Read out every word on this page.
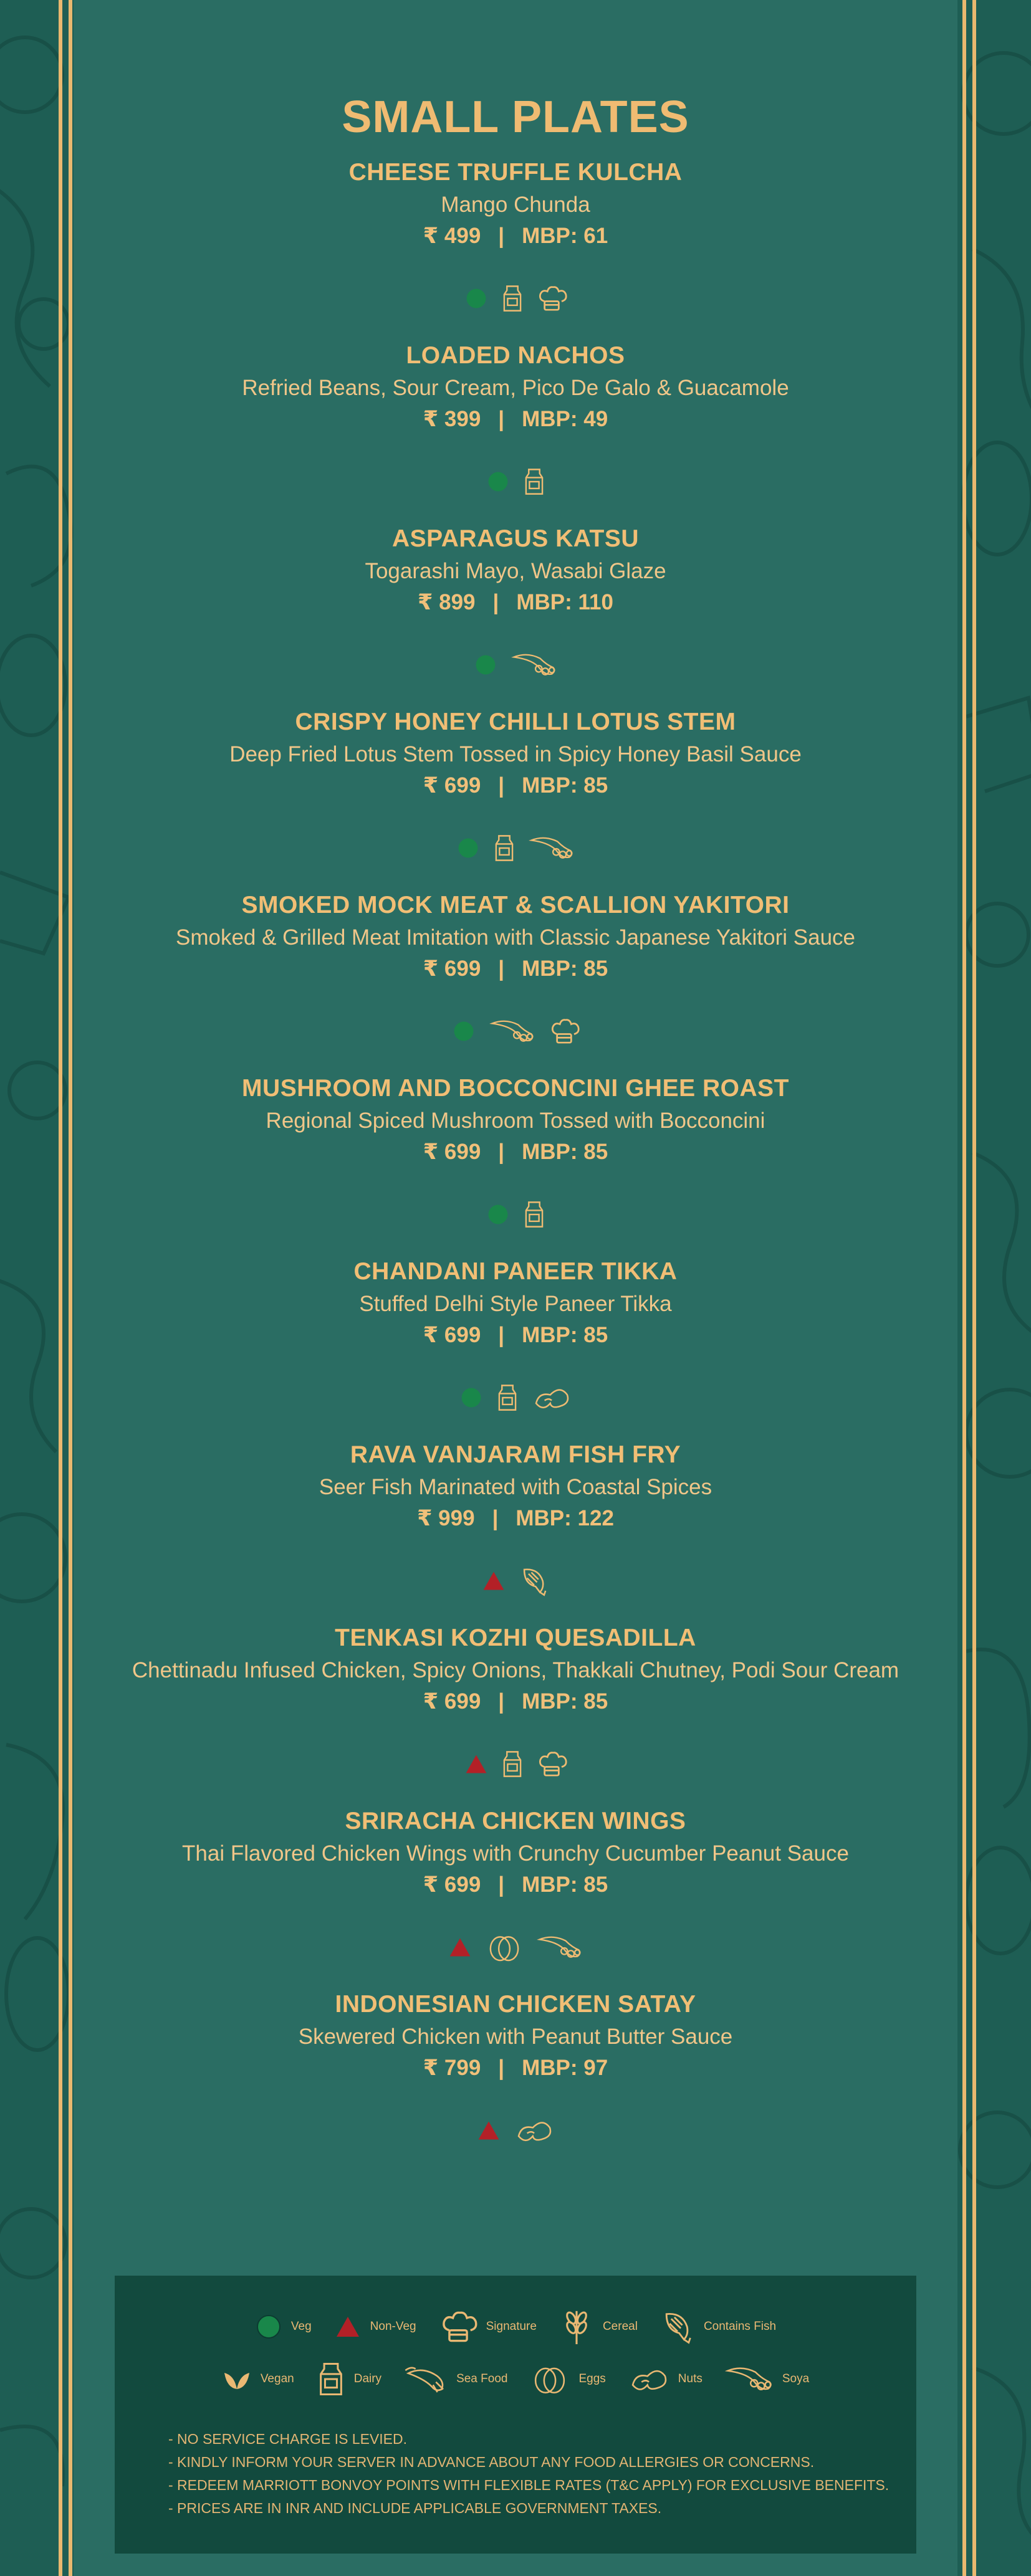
SMALL PLATES
CHEESE TRUFFLE KULCHA
Mango Chunda
₹ 499 | MBP: 61
LOADED NACHOS
Refried Beans, Sour Cream, Pico De Galo & Guacamole
₹ 399 | MBP: 49
ASPARAGUS KATSU
Togarashi Mayo, Wasabi Glaze
₹ 899 | MBP: 110
CRISPY HONEY CHILLI LOTUS STEM
Deep Fried Lotus Stem Tossed in Spicy Honey Basil Sauce
₹ 699 | MBP: 85
SMOKED MOCK MEAT & SCALLION YAKITORI
Smoked & Grilled Meat Imitation with Classic Japanese Yakitori Sauce
₹ 699 | MBP: 85
MUSHROOM AND BOCCONCINI GHEE ROAST
Regional Spiced Mushroom Tossed with Bocconcini
₹ 699 | MBP: 85
CHANDANI PANEER TIKKA
Stuffed Delhi Style Paneer Tikka
₹ 699 | MBP: 85
RAVA VANJARAM FISH FRY
Seer Fish Marinated with Coastal Spices
₹ 999 | MBP: 122
TENKASI KOZHI QUESADILLA
Chettinadu Infused Chicken, Spicy Onions, Thakkali Chutney, Podi Sour Cream
₹ 699 | MBP: 85
SRIRACHA CHICKEN WINGS
Thai Flavored Chicken Wings with Crunchy Cucumber Peanut Sauce
₹ 699 | MBP: 85
INDONESIAN CHICKEN SATAY
Skewered Chicken with Peanut Butter Sauce
₹ 799 | MBP: 97
Veg	Non-Veg	Signature	Cereal	Contains Fish
Vegan	Dairy	Sea Food	Eggs	Nuts	Soya
- NO SERVICE CHARGE IS LEVIED.
- KINDLY INFORM YOUR SERVER IN ADVANCE ABOUT ANY FOOD ALLERGIES OR CONCERNS.
- REDEEM MARRIOTT BONVOY POINTS WITH FLEXIBLE RATES (T&C APPLY) FOR EXCLUSIVE BENEFITS.
- PRICES ARE IN INR AND INCLUDE APPLICABLE GOVERNMENT TAXES.
